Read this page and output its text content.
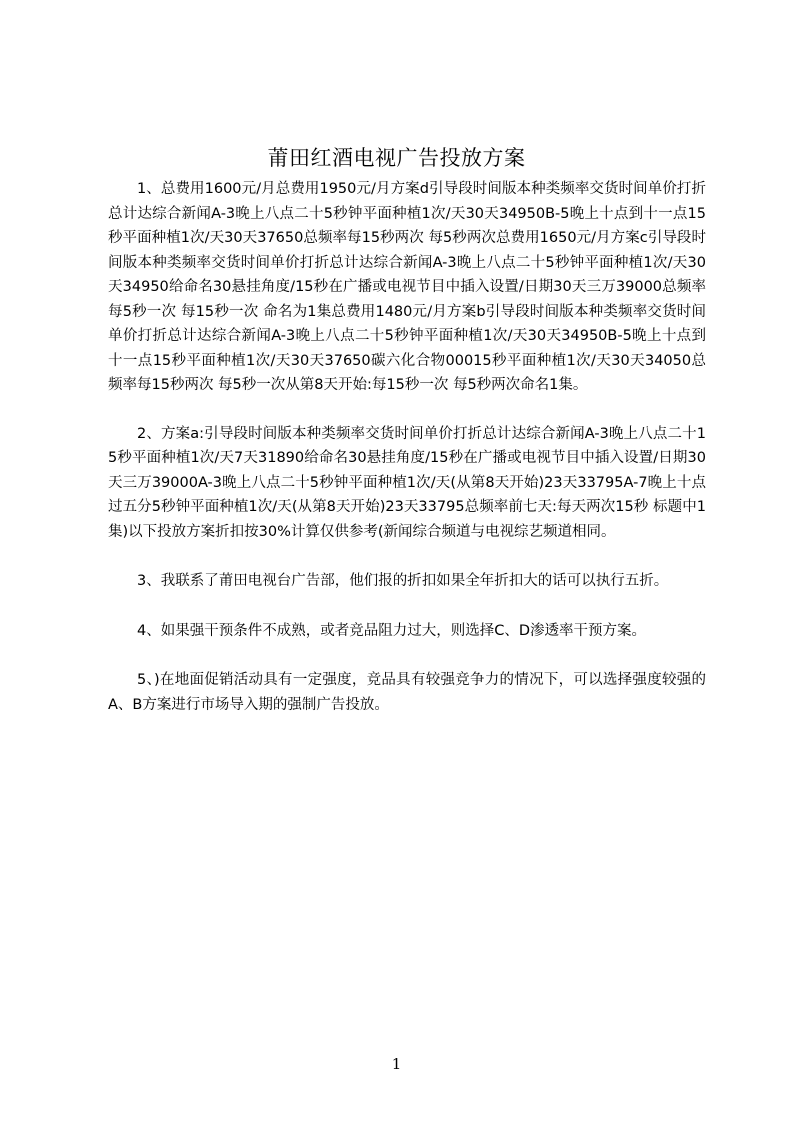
莆田红酒电视广告投放方案

1、总费用1600元/月总费用1950元/月方案d引导段时间版本种类频率交货时间单价打折总计达综合新闻A-3晚上八点二十5秒钟平面种植1次/天30天34950B-5晚上十点到十一点15秒平面种植1次/天30天37650总频率每15秒两次 每5秒两次总费用1650元/月方案c引导段时间版本种类频率交货时间单价打折总计达综合新闻A-3晚上八点二十5秒钟平面种植1次/天30天34950给命名30悬挂角度/15秒在广播或电视节目中插入设置/日期30天三万39000总频率每5秒一次 每15秒一次 命名为1集总费用1480元/月方案b引导段时间版本种类频率交货时间单价打折总计达综合新闻A-3晚上八点二十5秒钟平面种植1次/天30天34950B-5晚上十点到十一点15秒平面种植1次/天30天37650碳六化合物00015秒平面种植1次/天30天34050总频率每15秒两次 每5秒一次从第8天开始:每15秒一次 每5秒两次命名1集。

2、方案a:引导段时间版本种类频率交货时间单价打折总计达综合新闻A-3晚上八点二十15秒平面种植1次/天7天31890给命名30悬挂角度/15秒在广播或电视节目中插入设置/日期30天三万39000A-3晚上八点二十5秒钟平面种植1次/天(从第8天开始)23天33795A-7晚上十点过五分5秒钟平面种植1次/天(从第8天开始)23天33795总频率前七天:每天两次15秒 标题中1集)以下投放方案折扣按30%计算仅供参考(新闻综合频道与电视综艺频道相同。

3、我联系了莆田电视台广告部，他们报的折扣如果全年折扣大的话可以执行五折。

4、如果强干预条件不成熟，或者竞品阻力过大，则选择C、D渗透率干预方案。

5、)在地面促销活动具有一定强度，竞品具有较强竞争力的情况下，可以选择强度较强的A、B方案进行市场导入期的强制广告投放。

1
